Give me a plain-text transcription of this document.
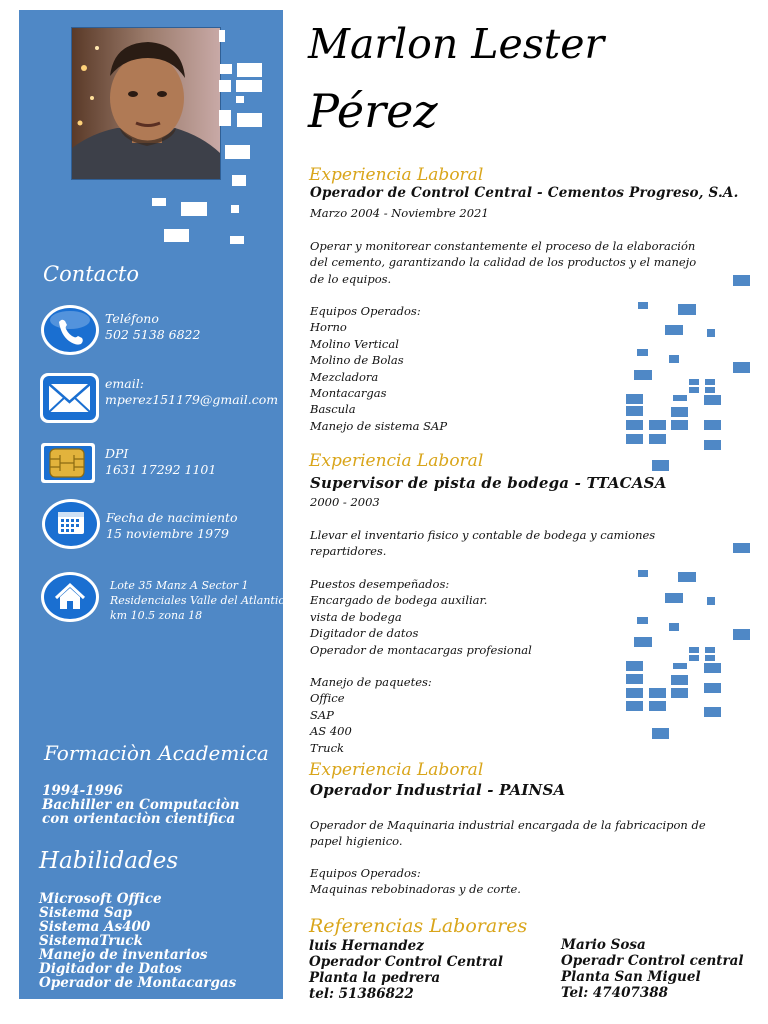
Contacto
Teléfono
502 5138 6822
email:
mperez151179@gmail.com
DPI
1631 17292 1101
Fecha de nacimiento
15 noviembre 1979
Lote 35 Manz A Sector 1
Residenciales Valle del Atlantico
km 10.5 zona 18
Formaciòn Academica
1994-1996
Bachiller en Computaciòn
con orientaciòn cientifica
Habilidades
Microsoft Office
Sistema Sap
Sistema As400
SistemaTruck
Manejo de inventarios
Digitador de Datos
Operador de Montacargas
Marlon Lester
Pérez
Experiencia Laboral
Operador de Control Central - Cementos Progreso, S.A.
Marzo 2004 - Noviembre 2021
Operar y monitorear constantemente el proceso de la elaboración
del cemento, garantizando la calidad de los productos y el manejo
de lo equipos.
Equipos Operados:
Horno
Molino Vertical
Molino de Bolas
Mezcladora
Montacargas
Bascula
Manejo de sistema SAP
Experiencia Laboral
Supervisor de pista de bodega - TTACASA
2000 - 2003
Llevar el inventario fisico y contable de bodega y camiones
repartidores.
Puestos desempeñados:
Encargado de bodega auxiliar.
vista de bodega
Digitador de datos
Operador de montacargas profesional
Manejo de paquetes:
Office
SAP
AS 400
Truck
Experiencia Laboral
Operador Industrial - PAINSA
Operador de Maquinaria industrial encargada de la fabricacipon de
papel higienico.
Equipos Operados:
Maquinas rebobinadoras y de corte.
Referencias Laborares
luis Hernandez
Operador Control Central
Planta la pedrera
tel: 51386822
Mario Sosa
Operadr Control central
Planta San Miguel
Tel: 47407388
